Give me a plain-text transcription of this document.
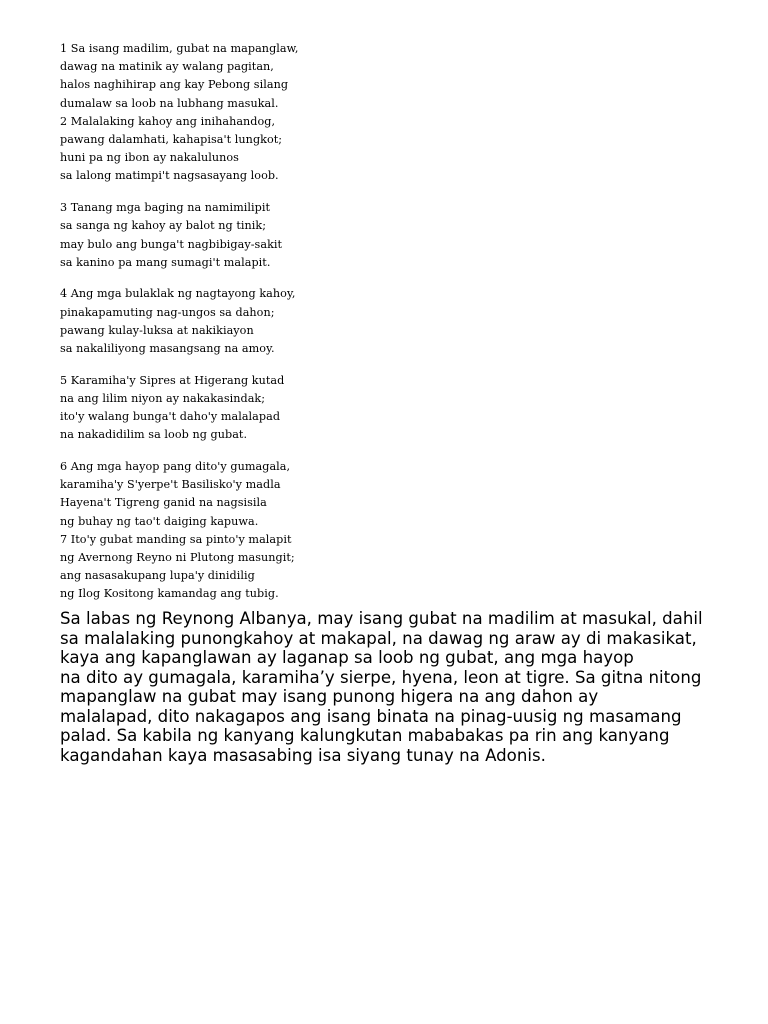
1 Sa isang madilim, gubat na mapanglaw,
dawag na matinik ay walang pagitan,
halos naghihirap ang kay Pebong silang
dumalaw sa loob na lubhang masukal.
2 Malalaking kahoy ang inihahandog,
pawang dalamhati, kahapisa't lungkot;
huni pa ng ibon ay nakalulunos
sa lalong matimpi't nagsasayang loob.
3 Tanang mga baging na namimilipit
sa sanga ng kahoy ay balot ng tinik;
may bulo ang bunga't nagbibigay-sakit
sa kanino pa mang sumagi't malapit.
4 Ang mga bulaklak ng nagtayong kahoy,
pinakapamuting nag-ungos sa dahon;
pawang kulay-luksa at nakikiayon
sa nakaliliyong masangsang na amoy.
5 Karamiha'y Sipres at Higerang kutad
na ang lilim niyon ay nakakasindak;
ito'y walang bunga't daho'y malalapad
na nakadidilim sa loob ng gubat.
6 Ang mga hayop pang dito'y gumagala,
karamiha'y S'yerpe't Basilisko'y madla
Hayena't Tigreng ganid na nagsisila
ng buhay ng tao't daiging kapuwa.
7 Ito'y gubat manding sa pinto'y malapit
ng Avernong Reyno ni Plutong masungit;
ang nasasakupang lupa'y dinidilig
ng Ilog Kositong kamandag ang tubig.
Sa labas ng Reynong Albanya, may isang gubat na madilim at masukal, dahil
sa malalaking punongkahoy at makapal, na dawag ng araw ay di makasikat,
kaya ang kapanglawan ay laganap sa loob ng gubat, ang mga hayop
na dito ay gumagala, karamiha’y sierpe, hyena, leon at tigre. Sa gitna nitong
mapanglaw na gubat may isang punong higera na ang dahon ay
malalapad, dito nakagapos ang isang binata na pinag-uusig ng masamang
palad. Sa kabila ng kanyang kalungkutan mababakas pa rin ang kanyang
kagandahan kaya masasabing isa siyang tunay na Adonis.
